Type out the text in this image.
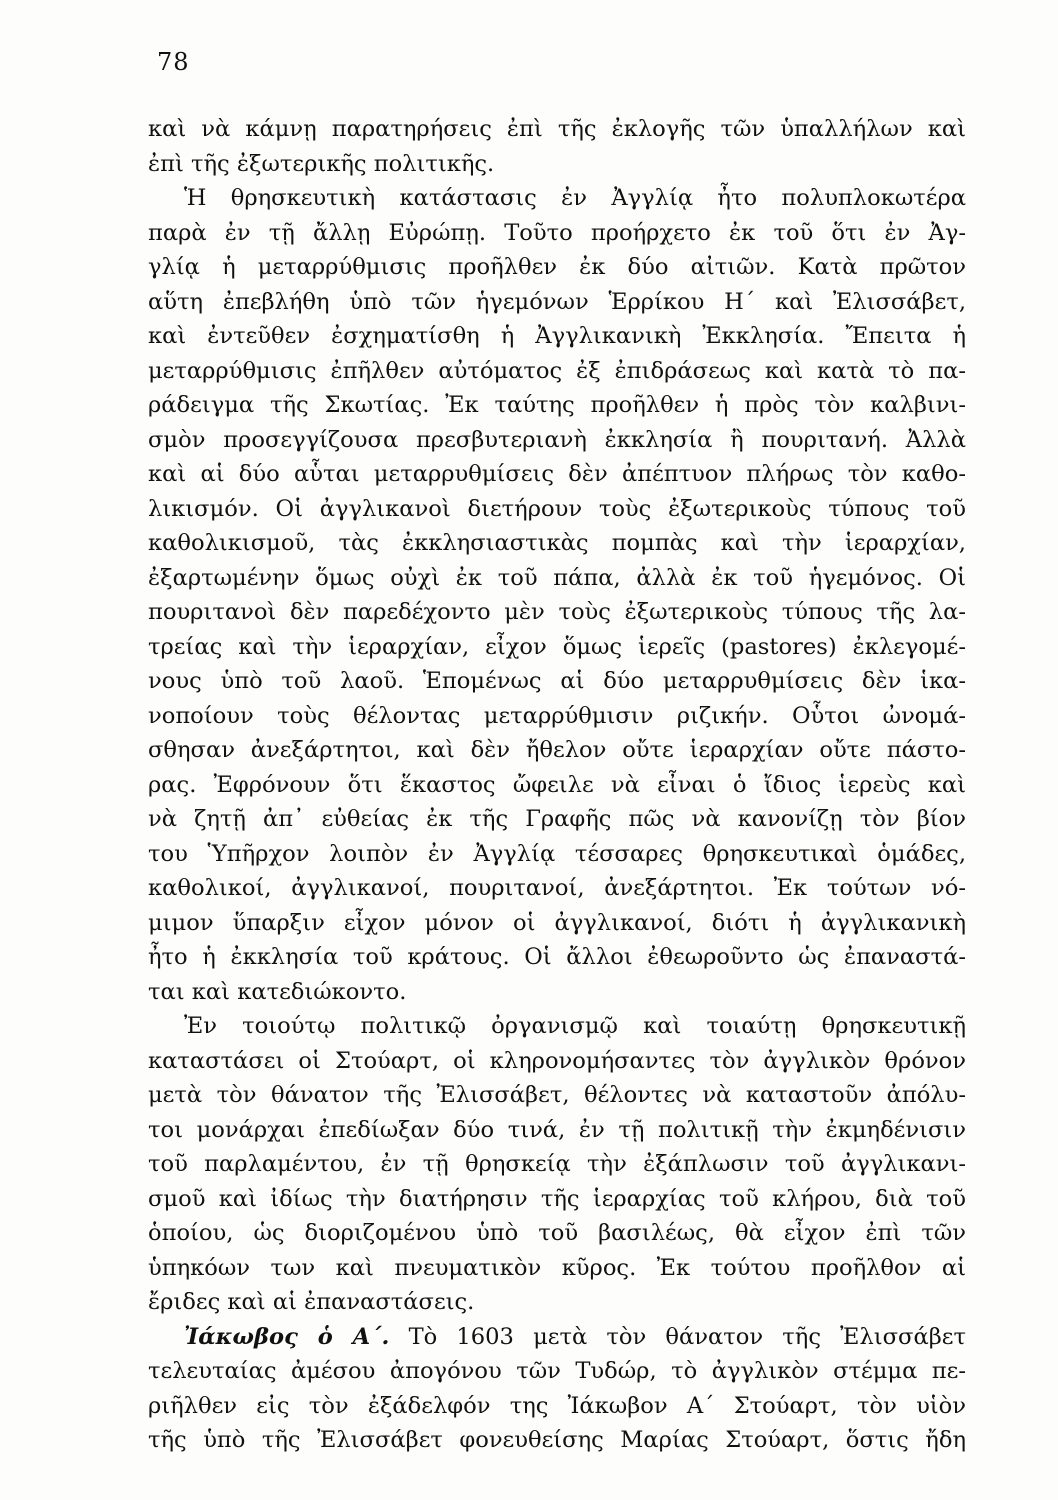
78
καὶ νὰ κάμνῃ παρατηρήσεις ἐπὶ τῆς ἐκλογῆς τῶν ὑπαλλήλων καὶ
ἐπὶ τῆς ἐξωτερικῆς πολιτικῆς.
Ἡ θρησκευτικὴ κατάστασις ἐν Ἀγγλίᾳ ἦτο πολυπλοκωτέρα
παρὰ ἐν τῇ ἄλλῃ Εὐρώπῃ. Τοῦτο προήρχετο ἐκ τοῦ ὅτι ἐν Ἀγ-
γλίᾳ ἡ μεταρρύθμισις προῆλθεν ἐκ δύο αἰτιῶν. Κατὰ πρῶτον
αὕτη ἐπεβλήθη ὑπὸ τῶν ἡγεμόνων Ἑρρίκου Η΄ καὶ Ἐλισσάβετ,
καὶ ἐντεῦθεν ἐσχηματίσθη ἡ Ἀγγλικανικὴ Ἐκκλησία. Ἔπειτα ἡ
μεταρρύθμισις ἐπῆλθεν αὐτόματος ἐξ ἐπιδράσεως καὶ κατὰ τὸ πα-
ράδειγμα τῆς Σκωτίας. Ἐκ ταύτης προῆλθεν ἡ πρὸς τὸν καλβινι-
σμὸν προσεγγίζουσα πρεσβυτεριανὴ ἐκκλησία ἢ πουριτανή. Ἀλλὰ
καὶ αἱ δύο αὗται μεταρρυθμίσεις δὲν ἀπέπτυον πλήρως τὸν καθο-
λικισμόν. Οἱ ἀγγλικανοὶ διετήρουν τοὺς ἐξωτερικοὺς τύπους τοῦ
καθολικισμοῦ, τὰς ἐκκλησιαστικὰς πομπὰς καὶ τὴν ἱεραρχίαν,
ἐξαρτωμένην ὅμως οὐχὶ ἐκ τοῦ πάπα, ἀλλὰ ἐκ τοῦ ἡγεμόνος. Οἱ
πουριτανοὶ δὲν παρεδέχοντο μὲν τοὺς ἐξωτερικοὺς τύπους τῆς λα-
τρείας καὶ τὴν ἱεραρχίαν, εἶχον ὅμως ἱερεῖς (pastores) ἐκλεγομέ-
νους ὑπὸ τοῦ λαοῦ. Ἑπομένως αἱ δύο μεταρρυθμίσεις δὲν ἱκα-
νοποίουν τοὺς θέλοντας μεταρρύθμισιν ριζικήν. Οὗτοι ὠνομά-
σθησαν ἀνεξάρτητοι, καὶ δὲν ἤθελον οὔτε ἱεραρχίαν οὔτε πάστο-
ρας. Ἐφρόνουν ὅτι ἕκαστος ὤφειλε νὰ εἶναι ὁ ἴδιος ἱερεὺς καὶ
νὰ ζητῇ ἀπ᾿ εὐθείας ἐκ τῆς Γραφῆς πῶς νὰ κανονίζῃ τὸν βίον
του Ὑπῆρχον λοιπὸν ἐν Ἀγγλίᾳ τέσσαρες θρησκευτικαὶ ὁμάδες,
καθολικοί, ἀγγλικανοί, πουριτανοί, ἀνεξάρτητοι. Ἐκ τούτων νό-
μιμον ὕπαρξιν εἶχον μόνον οἱ ἀγγλικανοί, διότι ἡ ἀγγλικανικὴ
ἦτο ἡ ἐκκλησία τοῦ κράτους. Οἱ ἄλλοι ἐθεωροῦντο ὡς ἐπαναστά-
ται καὶ κατεδιώκοντο.
Ἐν τοιούτῳ πολιτικῷ ὀργανισμῷ καὶ τοιαύτῃ θρησκευτικῇ
καταστάσει οἱ Στούαρτ, οἱ κληρονομήσαντες τὸν ἀγγλικὸν θρόνον
μετὰ τὸν θάνατον τῆς Ἐλισσάβετ, θέλοντες νὰ καταστοῦν ἀπόλυ-
τοι μονάρχαι ἐπεδίωξαν δύο τινά, ἐν τῇ πολιτικῇ τὴν ἐκμηδένισιν
τοῦ παρλαμέντου, ἐν τῇ θρησκείᾳ τὴν ἐξάπλωσιν τοῦ ἀγγλικανι-
σμοῦ καὶ ἰδίως τὴν διατήρησιν τῆς ἱεραρχίας τοῦ κλήρου, διὰ τοῦ
ὁποίου, ὡς διοριζομένου ὑπὸ τοῦ βασιλέως, θὰ εἶχον ἐπὶ τῶν
ὑπηκόων των καὶ πνευματικὸν κῦρος. Ἐκ τούτου προῆλθον αἱ
ἔριδες καὶ αἱ ἐπαναστάσεις.
Ἰάκωβος ὁ Α΄. Τὸ 1603 μετὰ τὸν θάνατον τῆς Ἐλισσάβετ
τελευταίας ἀμέσου ἀπογόνου τῶν Τυδώρ, τὸ ἀγγλικὸν στέμμα πε-
ριῆλθεν εἰς τὸν ἐξάδελφόν της Ἰάκωβον Α΄ Στούαρτ, τὸν υἱὸν
τῆς ὑπὸ τῆς Ἐλισσάβετ φονευθείσης Μαρίας Στούαρτ, ὅστις ἤδη
